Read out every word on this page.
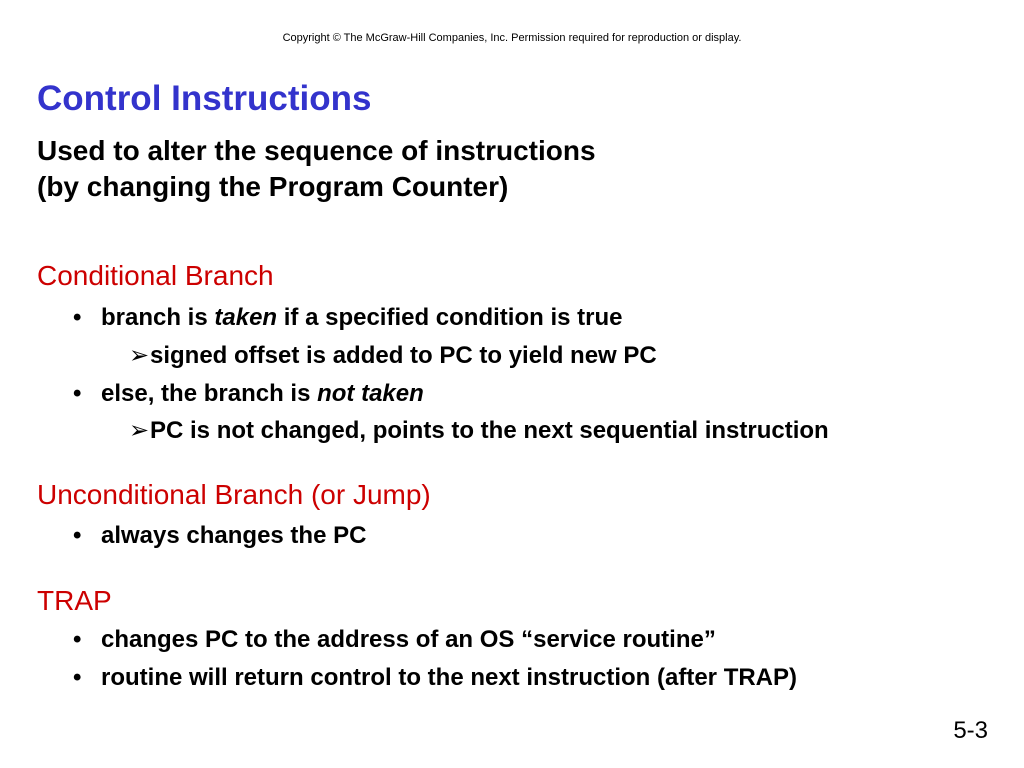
Copyright © The McGraw-Hill Companies, Inc. Permission required for reproduction or display.
Control Instructions
Used to alter the sequence of instructions
(by changing the Program Counter)
Conditional Branch
• branch is taken if a specified condition is true
➢ signed offset is added to PC to yield new PC
• else, the branch is not taken
➢ PC is not changed, points to the next sequential instruction
Unconditional Branch (or Jump)
• always changes the PC
TRAP
• changes PC to the address of an OS “service routine”
• routine will return control to the next instruction (after TRAP)
5-3
